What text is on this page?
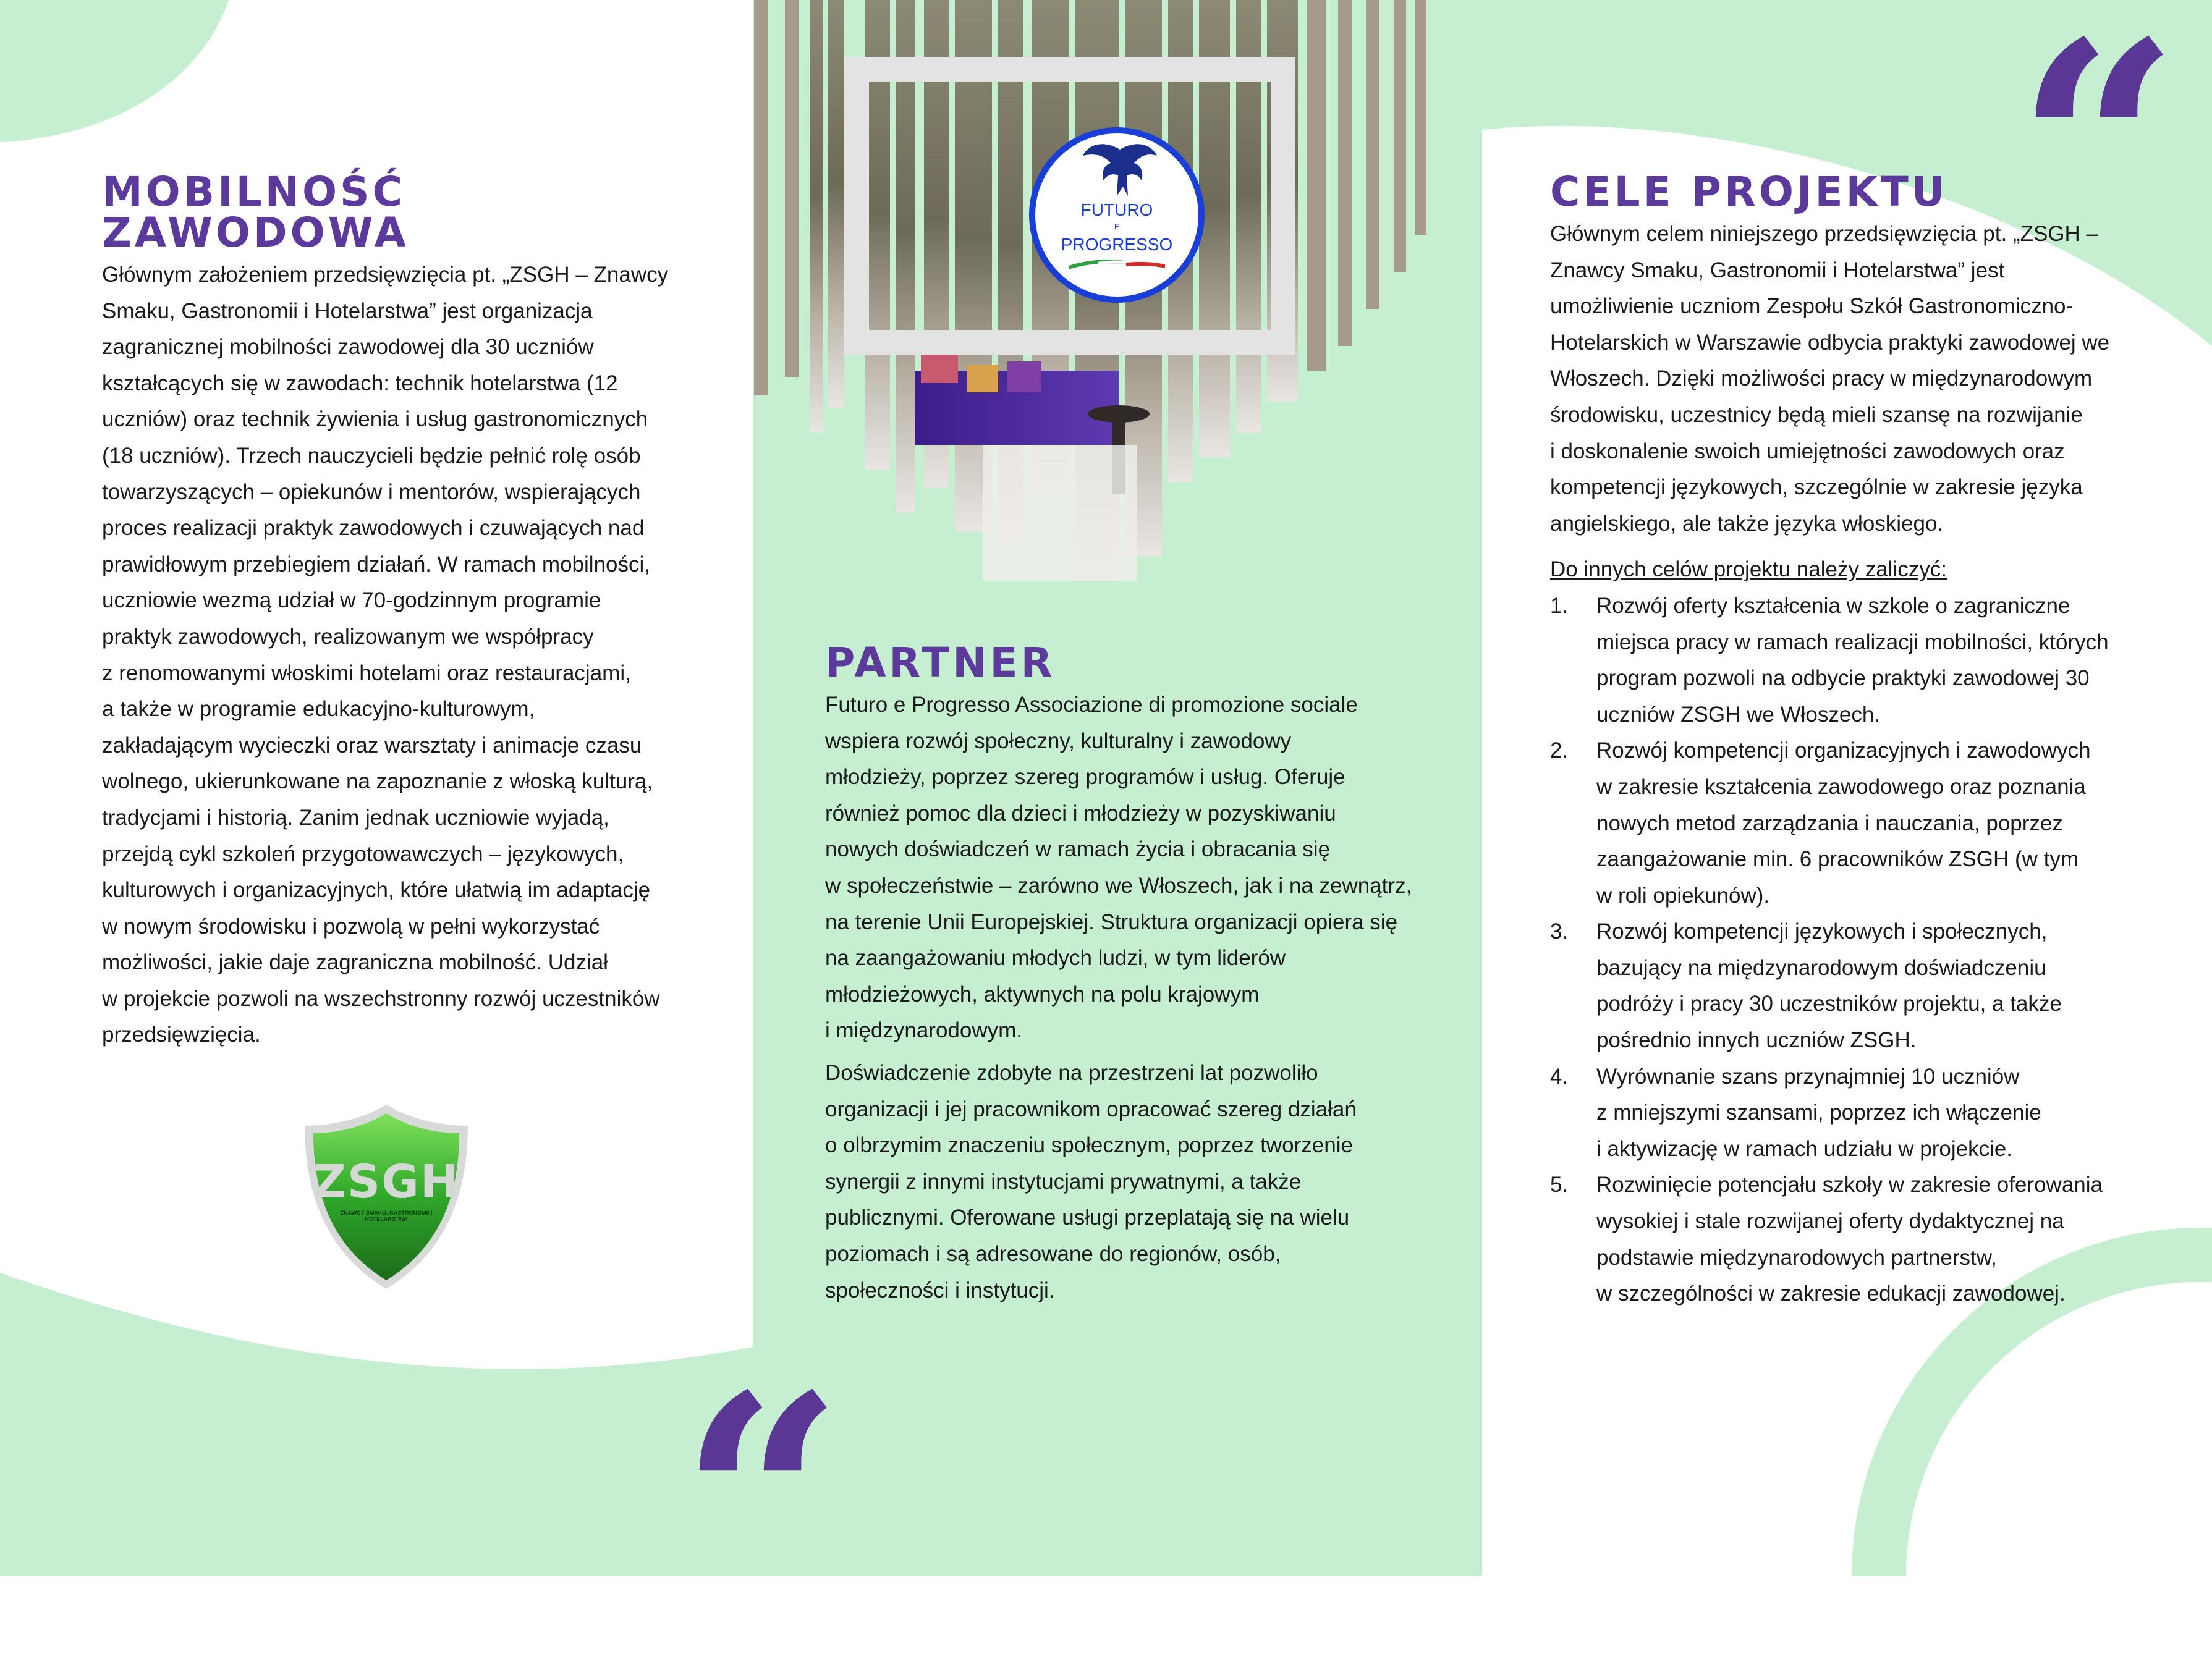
FUTURO
E
PROGRESSO
MOBILNOŚĆ ZAWODOWA

Głównym założeniem przedsięwzięcia pt. „ZSGH – Znawcy
Smaku, Gastronomii i Hotelarstwa” jest organizacja
zagranicznej mobilności zawodowej dla 30 uczniów
kształcących się w zawodach: technik hotelarstwa (12
uczniów) oraz technik żywienia i usług gastronomicznych
(18 uczniów). Trzech nauczycieli będzie pełnić rolę osób
towarzyszących – opiekunów i mentorów, wspierających
proces realizacji praktyk zawodowych i czuwających nad
prawidłowym przebiegiem działań. W ramach mobilności,
uczniowie wezmą udział w 70-godzinnym programie
praktyk zawodowych, realizowanym we współpracy
z renomowanymi włoskimi hotelami oraz restauracjami,
a także w programie edukacyjno-kulturowym,
zakładającym wycieczki oraz warsztaty i animacje czasu
wolnego, ukierunkowane na zapoznanie z włoską kulturą,
tradycjami i historią. Zanim jednak uczniowie wyjadą,
przejdą cykl szkoleń przygotowawczych – językowych,
kulturowych i organizacyjnych, które ułatwią im adaptację
w nowym środowisku i pozwolą w pełni wykorzystać
możliwości, jakie daje zagraniczna mobilność. Udział
w projekcie pozwoli na wszechstronny rozwój uczestników
przedsięwzięcia.

ZSGH
ZNAWCY SMAKU, GASTRONOMII I HOTELARSTWA
PARTNER

Futuro e Progresso Associazione di promozione sociale
wspiera rozwój społeczny, kulturalny i zawodowy
młodzieży, poprzez szereg programów i usług. Oferuje
również pomoc dla dzieci i młodzieży w pozyskiwaniu
nowych doświadczeń w ramach życia i obracania się
w społeczeństwie – zarówno we Włoszech, jak i na zewnątrz,
na terenie Unii Europejskiej. Struktura organizacji opiera się
na zaangażowaniu młodych ludzi, w tym liderów
młodzieżowych, aktywnych na polu krajowym
i międzynarodowym.

Doświadczenie zdobyte na przestrzeni lat pozwoliło
organizacji i jej pracownikom opracować szereg działań
o olbrzymim znaczeniu społecznym, poprzez tworzenie
synergii z innymi instytucjami prywatnymi, a także
publicznymi. Oferowane usługi przeplatają się na wielu
poziomach i są adresowane do regionów, osób,
społeczności i instytucji.

CELE PROJEKTU

Głównym celem niniejszego przedsięwzięcia pt. „ZSGH –
Znawcy Smaku, Gastronomii i Hotelarstwa” jest
umożliwienie uczniom Zespołu Szkół Gastronomiczno-
Hotelarskich w Warszawie odbycia praktyki zawodowej we
Włoszech. Dzięki możliwości pracy w międzynarodowym
środowisku, uczestnicy będą mieli szansę na rozwijanie
i doskonalenie swoich umiejętności zawodowych oraz
kompetencji językowych, szczególnie w zakresie języka
angielskiego, ale także języka włoskiego.

Do innych celów projektu należy zaliczyć:

1. Rozwój oferty kształcenia w szkole o zagraniczne
miejsca pracy w ramach realizacji mobilności, których
program pozwoli na odbycie praktyki zawodowej 30
uczniów ZSGH we Włoszech.
2. Rozwój kompetencji organizacyjnych i zawodowych
w zakresie kształcenia zawodowego oraz poznania
nowych metod zarządzania i nauczania, poprzez
zaangażowanie min. 6 pracowników ZSGH (w tym
w roli opiekunów).
3. Rozwój kompetencji językowych i społecznych,
bazujący na międzynarodowym doświadczeniu
podróży i pracy 30 uczestników projektu, a także
pośrednio innych uczniów ZSGH.
4. Wyrównanie szans przynajmniej 10 uczniów
z mniejszymi szansami, poprzez ich włączenie
i aktywizację w ramach udziału w projekcie.
5. Rozwinięcie potencjału szkoły w zakresie oferowania
wysokiej i stale rozwijanej oferty dydaktycznej na
podstawie międzynarodowych partnerstw,
w szczególności w zakresie edukacji zawodowej.
“
“
